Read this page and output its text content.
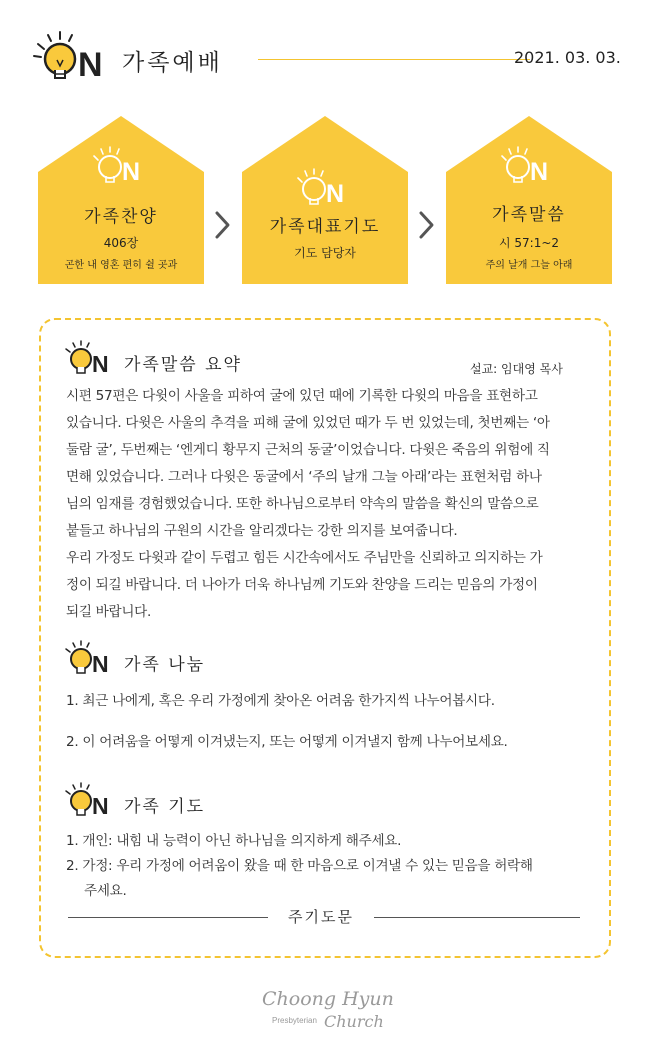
N 가족예배	2021. 03. 03.
N
가족찬양
406장
곤한 내 영혼 편히 쉴 곳과
N
가족대표기도
기도 담당자
N
가족말씀
시 57:1~2
주의 날개 그늘 아래
N 가족말씀 요약	설교: 임대영 목사
시편 57편은 다윗이 사울을 피하여 굴에 있던 때에 기록한 다윗의 마음을 표현하고
있습니다. 다윗은 사울의 추격을 피해 굴에 있었던 때가 두 번 있었는데, 첫번째는 ‘아
둘람 굴’, 두번째는 ‘엔게디 황무지 근처의 동굴’이었습니다. 다윗은 죽음의 위험에 직
면해 있었습니다. 그러나 다윗은 동굴에서 ‘주의 날개 그늘 아래’라는 표현처럼 하나
님의 임재를 경험했었습니다. 또한 하나님으로부터 약속의 말씀을 확신의 말씀으로
붙들고 하나님의 구원의 시간을 알리겠다는 강한 의지를 보여줍니다.
우리 가정도 다윗과 같이 두렵고 힘든 시간속에서도 주님만을 신뢰하고 의지하는 가
정이 되길 바랍니다. 더 나아가 더욱 하나님께 기도와 찬양을 드리는 믿음의 가정이
되길 바랍니다.
N 가족 나눔
1. 최근 나에게, 혹은 우리 가정에게 찾아온 어려움 한가지씩 나누어봅시다.
2. 이 어려움을 어떻게 이겨냈는지, 또는 어떻게 이겨낼지 함께 나누어보세요.
N 가족 기도
1. 개인: 내힘 내 능력이 아닌 하나님을 의지하게 해주세요.
2. 가정: 우리 가정에 어려움이 왔을 때 한 마음으로 이겨낼 수 있는 믿음을 허락해
주세요.
주기도문
Choong Hyun
Presbyterian Church
